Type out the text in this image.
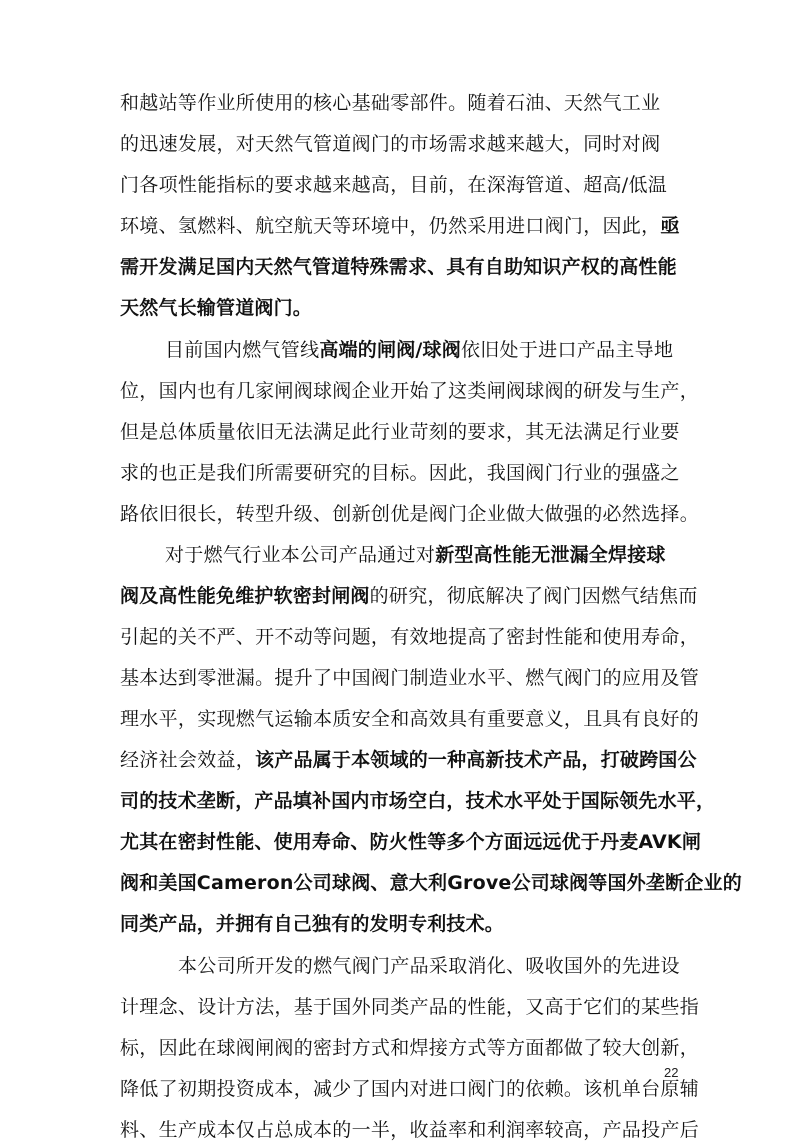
和越站等作业所使用的核心基础零部件。随着石油、天然气工业
的迅速发展，对天然气管道阀门的市场需求越来越大，同时对阀
门各项性能指标的要求越来越高，目前，在深海管道、超高/低温
环境、氢燃料、航空航天等环境中，仍然采用进口阀门，因此，亟
需开发满足国内天然气管道特殊需求、具有自助知识产权的高性能
天然气长输管道阀门。
目前国内燃气管线高端的闸阀/球阀依旧处于进口产品主导地
位，国内也有几家闸阀球阀企业开始了这类闸阀球阀的研发与生产，
但是总体质量依旧无法满足此行业苛刻的要求，其无法满足行业要
求的也正是我们所需要研究的目标。因此，我国阀门行业的强盛之
路依旧很长，转型升级、创新创优是阀门企业做大做强的必然选择。
对于燃气行业本公司产品通过对新型高性能无泄漏全焊接球
阀及高性能免维护软密封闸阀的研究，彻底解决了阀门因燃气结焦而
引起的关不严、开不动等问题，有效地提高了密封性能和使用寿命，
基本达到零泄漏。提升了中国阀门制造业水平、燃气阀门的应用及管
理水平，实现燃气运输本质安全和高效具有重要意义，且具有良好的
经济社会效益，该产品属于本领域的一种高新技术产品，打破跨国公
司的技术垄断，产品填补国内市场空白，技术水平处于国际领先水平，
尤其在密封性能、使用寿命、防火性等多个方面远远优于丹麦AVK闸
阀和美国Cameron公司球阀、意大利Grove公司球阀等国外垄断企业的
同类产品，并拥有自己独有的发明专利技术。
本公司所开发的燃气阀门产品采取消化、吸收国外的先进设
计理念、设计方法，基于国外同类产品的性能，又高于它们的某些指
标，因此在球阀闸阀的密封方式和焊接方式等方面都做了较大创新，
降低了初期投资成本，减少了国内对进口阀门的依赖。该机单台原辅
料、生产成本仅占总成本的一半，收益率和利润率较高，产品投产后
22
